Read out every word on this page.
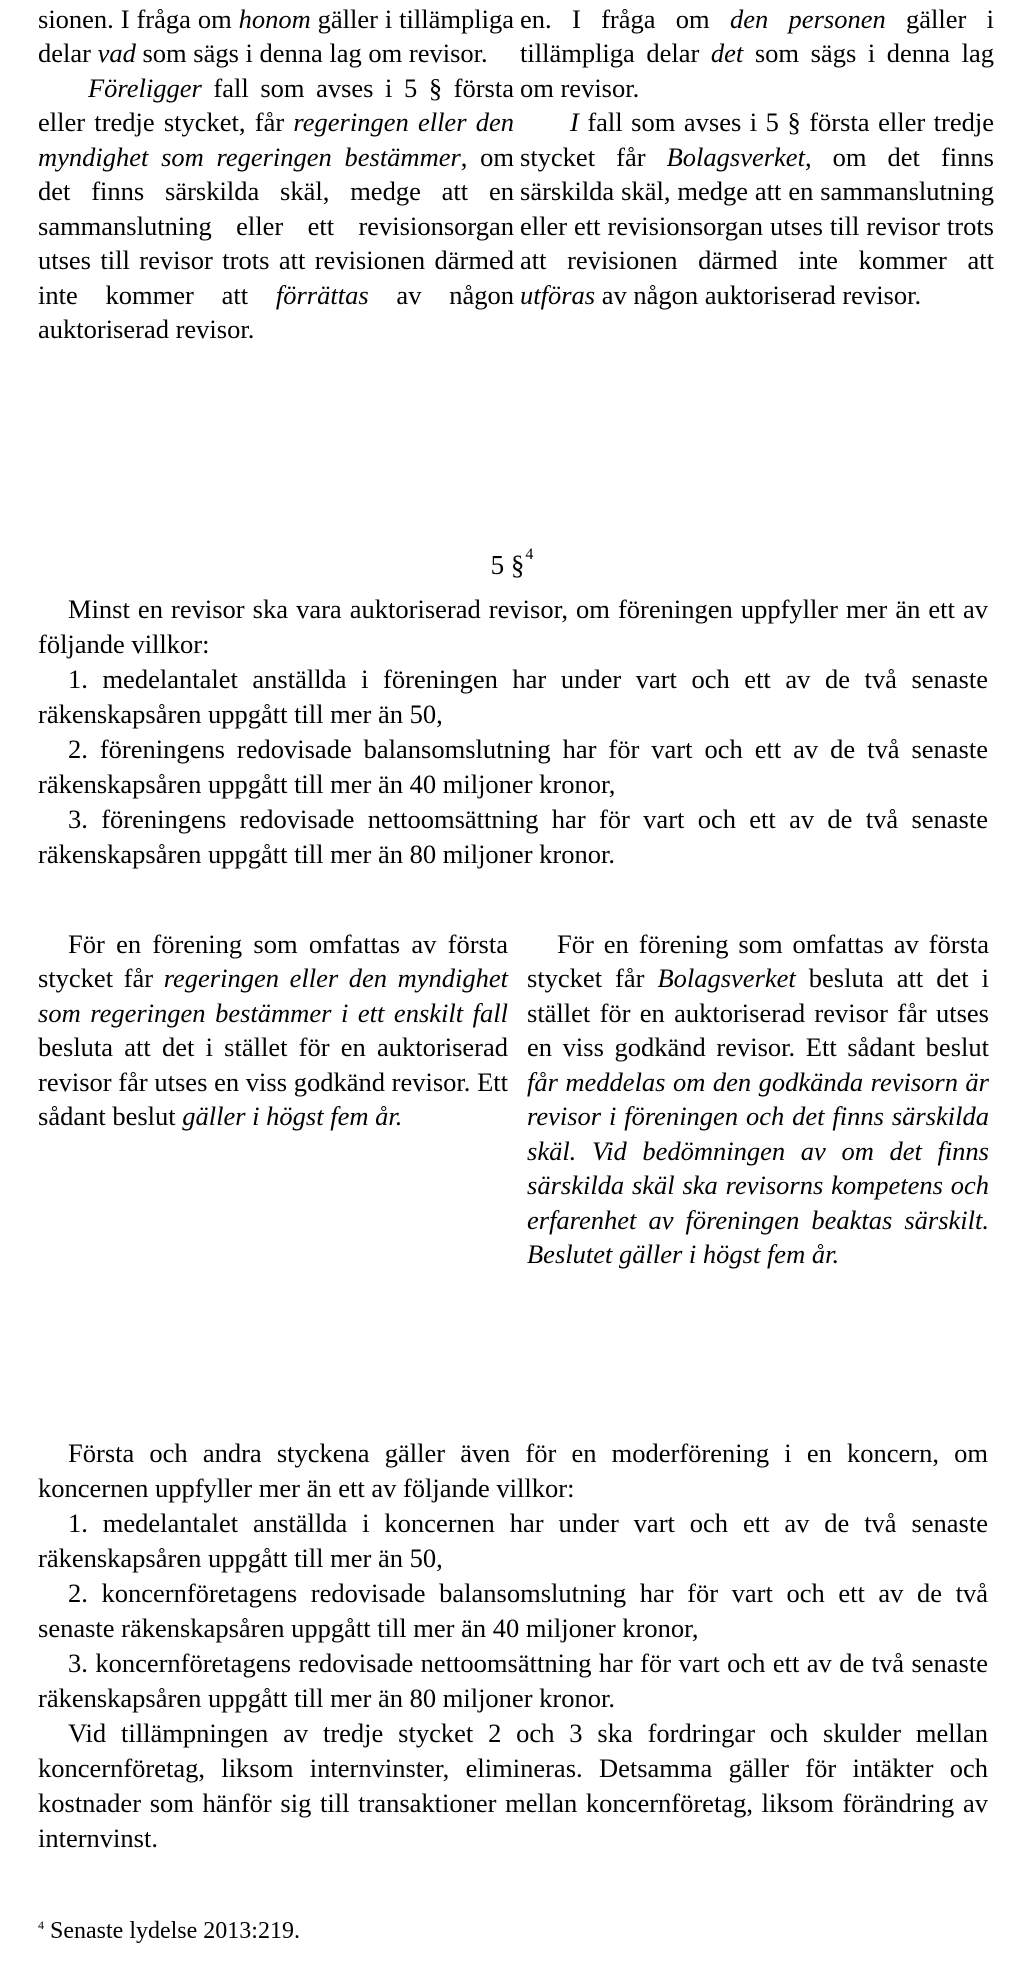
sionen. I fråga om honom gäller i tillämpliga delar vad som sägs i denna lag om revisor.

Föreligger fall som avses i 5 § första eller tredje stycket, får regeringen eller den myndighet som regeringen bestämmer, om det finns särskilda skäl, medge att en sammanslutning eller ett revisionsorgan utses till revisor trots att revisionen därmed inte kommer att förrättas av någon auktoriserad revisor.

en. I fråga om den personen gäller i tillämpliga delar det som sägs i denna lag om revisor.

I fall som avses i 5 § första eller tredje stycket får Bolagsverket, om det finns särskilda skäl, medge att en sammanslutning eller ett revisionsorgan utses till revisor trots att revisionen därmed inte kommer att utföras av någon auktoriserad revisor.

5 §$^4$

Minst en revisor ska vara auktoriserad revisor, om föreningen uppfyller mer än ett av följande villkor:

1. medelantalet anställda i föreningen har under vart och ett av de två senaste räkenskapsåren uppgått till mer än 50,

2. föreningens redovisade balansomslutning har för vart och ett av de två senaste räkenskapsåren uppgått till mer än 40 miljoner kronor,

3. föreningens redovisade nettoomsättning har för vart och ett av de två senaste räkenskapsåren uppgått till mer än 80 miljoner kronor.

För en förening som omfattas av första stycket får regeringen eller den myndighet som regeringen bestämmer i ett enskilt fall besluta att det i stället för en auktoriserad revisor får utses en viss godkänd revisor. Ett sådant beslut gäller i högst fem år.

För en förening som omfattas av första stycket får Bolagsverket besluta att det i stället för en auktoriserad revisor får utses en viss godkänd revisor. Ett sådant beslut får meddelas om den godkända revisorn är revisor i föreningen och det finns särskilda skäl. Vid bedömningen av om det finns särskilda skäl ska revisorns kompetens och erfarenhet av föreningen beaktas särskilt. Beslutet gäller i högst fem år.

Första och andra styckena gäller även för en moderförening i en koncern, om koncernen uppfyller mer än ett av följande villkor:

1. medelantalet anställda i koncernen har under vart och ett av de två senaste räkenskapsåren uppgått till mer än 50,

2. koncernföretagens redovisade balansomslutning har för vart och ett av de två senaste räkenskapsåren uppgått till mer än 40 miljoner kronor,

3. koncernföretagens redovisade nettoomsättning har för vart och ett av de två senaste räkenskapsåren uppgått till mer än 80 miljoner kronor.

Vid tillämpningen av tredje stycket 2 och 3 ska fordringar och skulder mellan koncernföretag, liksom internvinster, elimineras. Detsamma gäller för intäkter och kostnader som hänför sig till transaktioner mellan koncernföretag, liksom förändring av internvinst.

$^4$ Senaste lydelse 2013:219.
